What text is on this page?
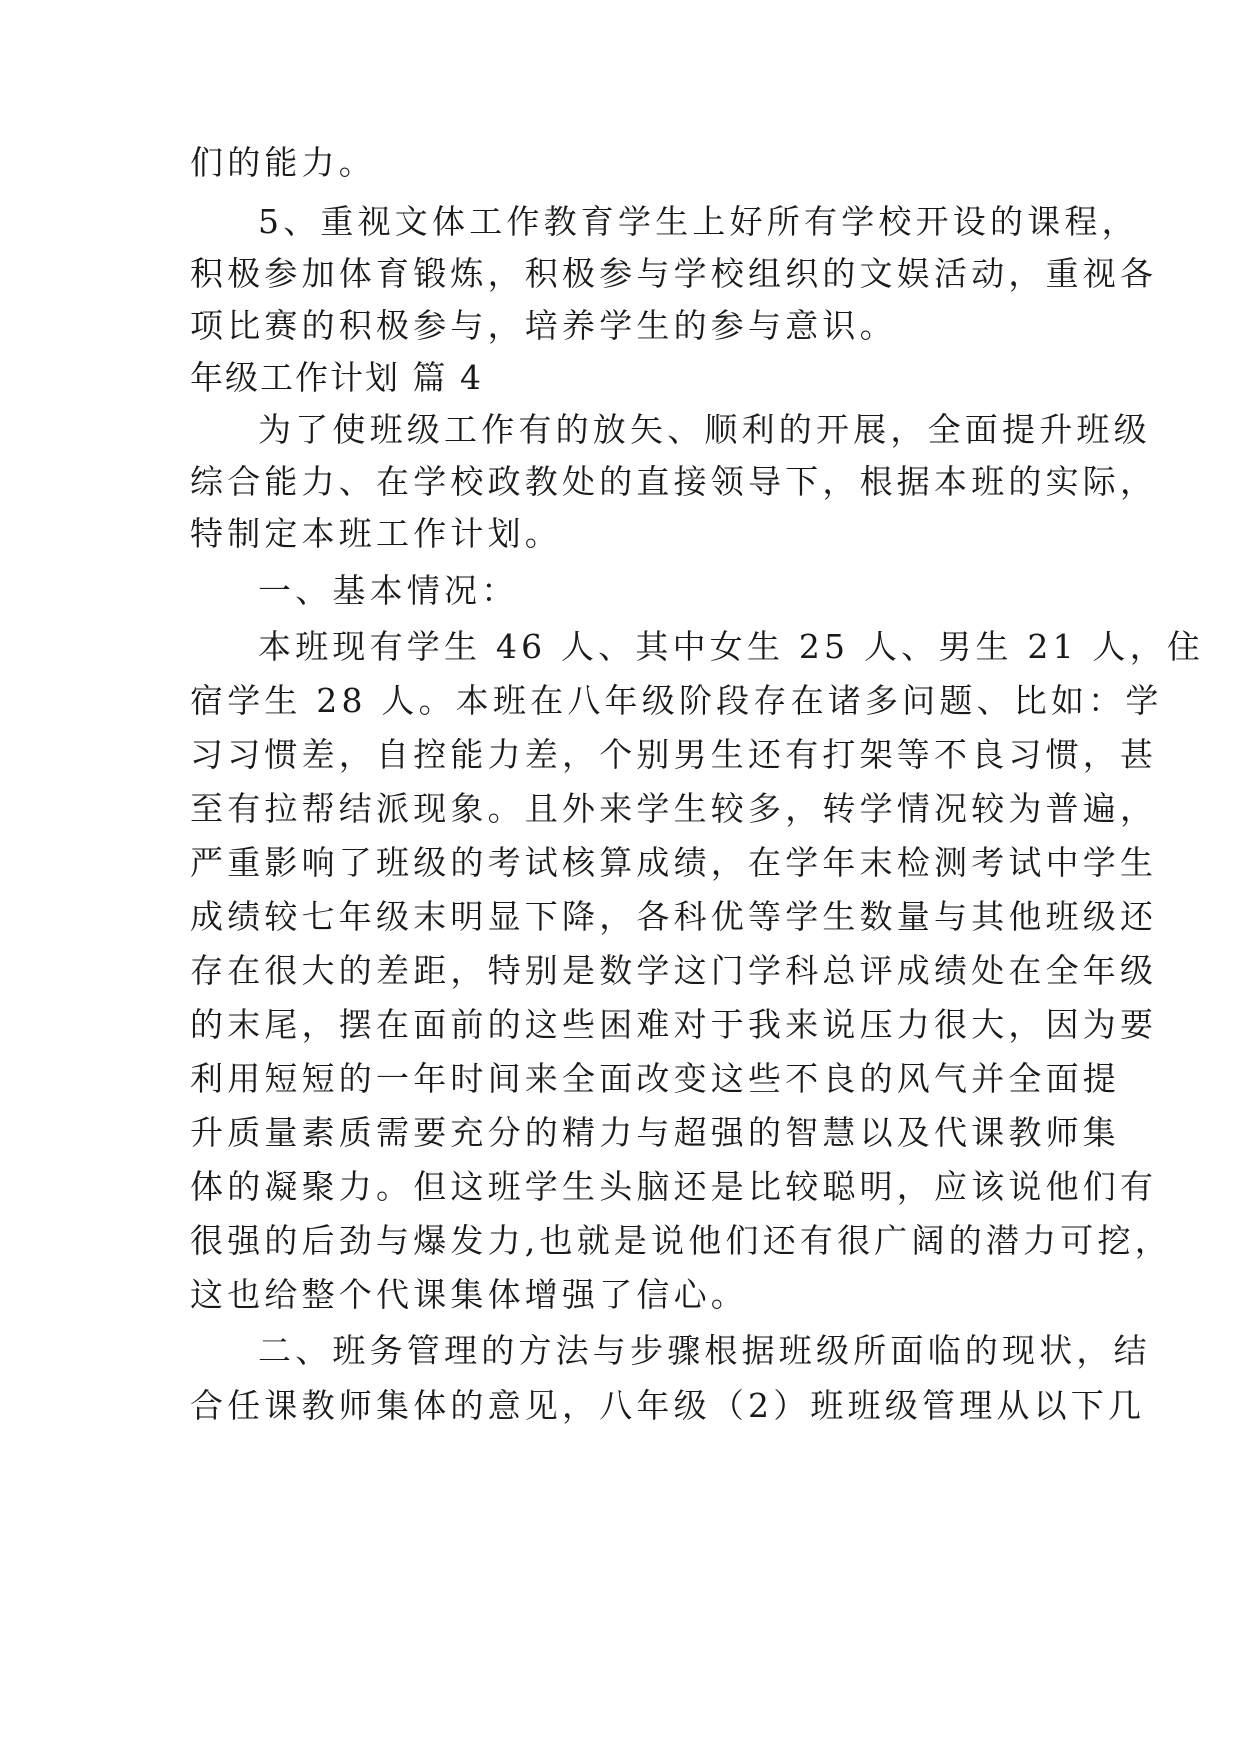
们的能力。
5、重视文体工作教育学生上好所有学校开设的课程，
积极参加体育锻炼，积极参与学校组织的文娱活动，重视各
项比赛的积极参与，培养学生的参与意识。
年级工作计划 篇 4
为了使班级工作有的放矢、顺利的开展，全面提升班级
综合能力、在学校政教处的直接领导下，根据本班的实际，
特制定本班工作计划。
一、基本情况：
本班现有学生 46 人、其中女生 25 人、男生 21 人，住
宿学生 28 人。本班在八年级阶段存在诸多问题、比如：学
习习惯差，自控能力差，个别男生还有打架等不良习惯，甚
至有拉帮结派现象。且外来学生较多，转学情况较为普遍，
严重影响了班级的考试核算成绩，在学年末检测考试中学生
成绩较七年级末明显下降，各科优等学生数量与其他班级还
存在很大的差距，特别是数学这门学科总评成绩处在全年级
的末尾，摆在面前的这些困难对于我来说压力很大，因为要
利用短短的一年时间来全面改变这些不良的风气并全面提
升质量素质需要充分的精力与超强的智慧以及代课教师集
体的凝聚力。但这班学生头脑还是比较聪明，应该说他们有
很强的后劲与爆发力,也就是说他们还有很广阔的潜力可挖，
这也给整个代课集体增强了信心。
二、班务管理的方法与步骤根据班级所面临的现状，结
合任课教师集体的意见，八年级（2）班班级管理从以下几
